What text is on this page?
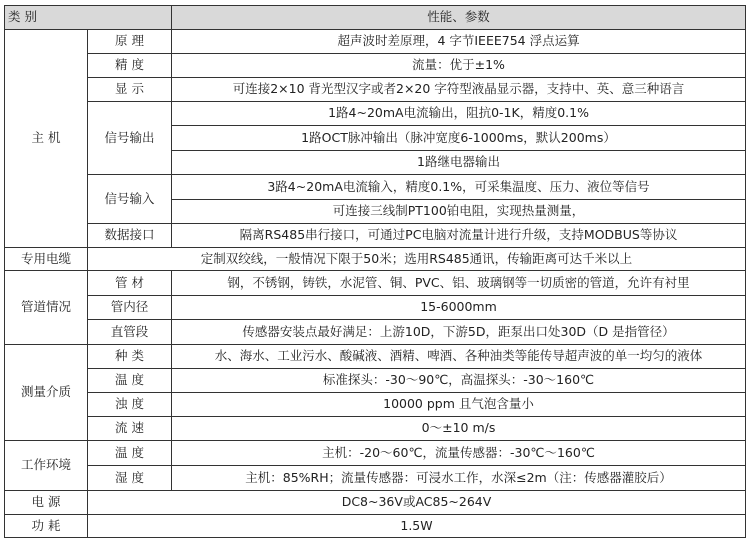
类 别		性能、参数
主 机	原 理	超声波时差原理，4 字节IEEE754 浮点运算
	精 度	流量：优于±1%
	显 示	可连接2×10 背光型汉字或者2×20 字符型液晶显示器，支持中、英、意三种语言
	信号输出	1路4~20mA电流输出，阻抗0-1K，精度0.1%
		1路OCT脉冲输出（脉冲宽度6-1000ms，默认200ms）
		1路继电器输出
	信号输入	3路4~20mA电流输入，精度0.1%，可采集温度、压力、液位等信号
		可连接三线制PT100铂电阻，实现热量测量，
	数据接口	隔离RS485串行接口，可通过PC电脑对流量计进行升级，支持MODBUS等协议
专用电缆	定制双绞线，一般情况下限于50米；选用RS485通讯，传输距离可达千米以上	
管道情况	管 材	钢，不锈钢，铸铁，水泥管、铜、PVC、铝、玻璃钢等一切质密的管道，允许有衬里
	管内径	15-6000mm
	直管段	传感器安装点最好满足：上游10D，下游5D，距泵出口处30D（D 是指管径）
测量介质	种 类	水、海水、工业污水、酸碱液、酒精、啤酒、各种油类等能传导超声波的单一均匀的液体
	温 度	标准探头：-30～90℃，高温探头：-30～160℃
	浊 度	10000 ppm 且气泡含量小
	流 速	0～±10 m/s
工作环境	温 度	主机：-20～60℃，流量传感器：-30℃～160℃
	湿 度	主机：85%RH；流量传感器：可浸水工作，水深≤2m（注：传感器灌胶后）
电 源	DC8~36V或AC85~264V	
功 耗	1.5W	
